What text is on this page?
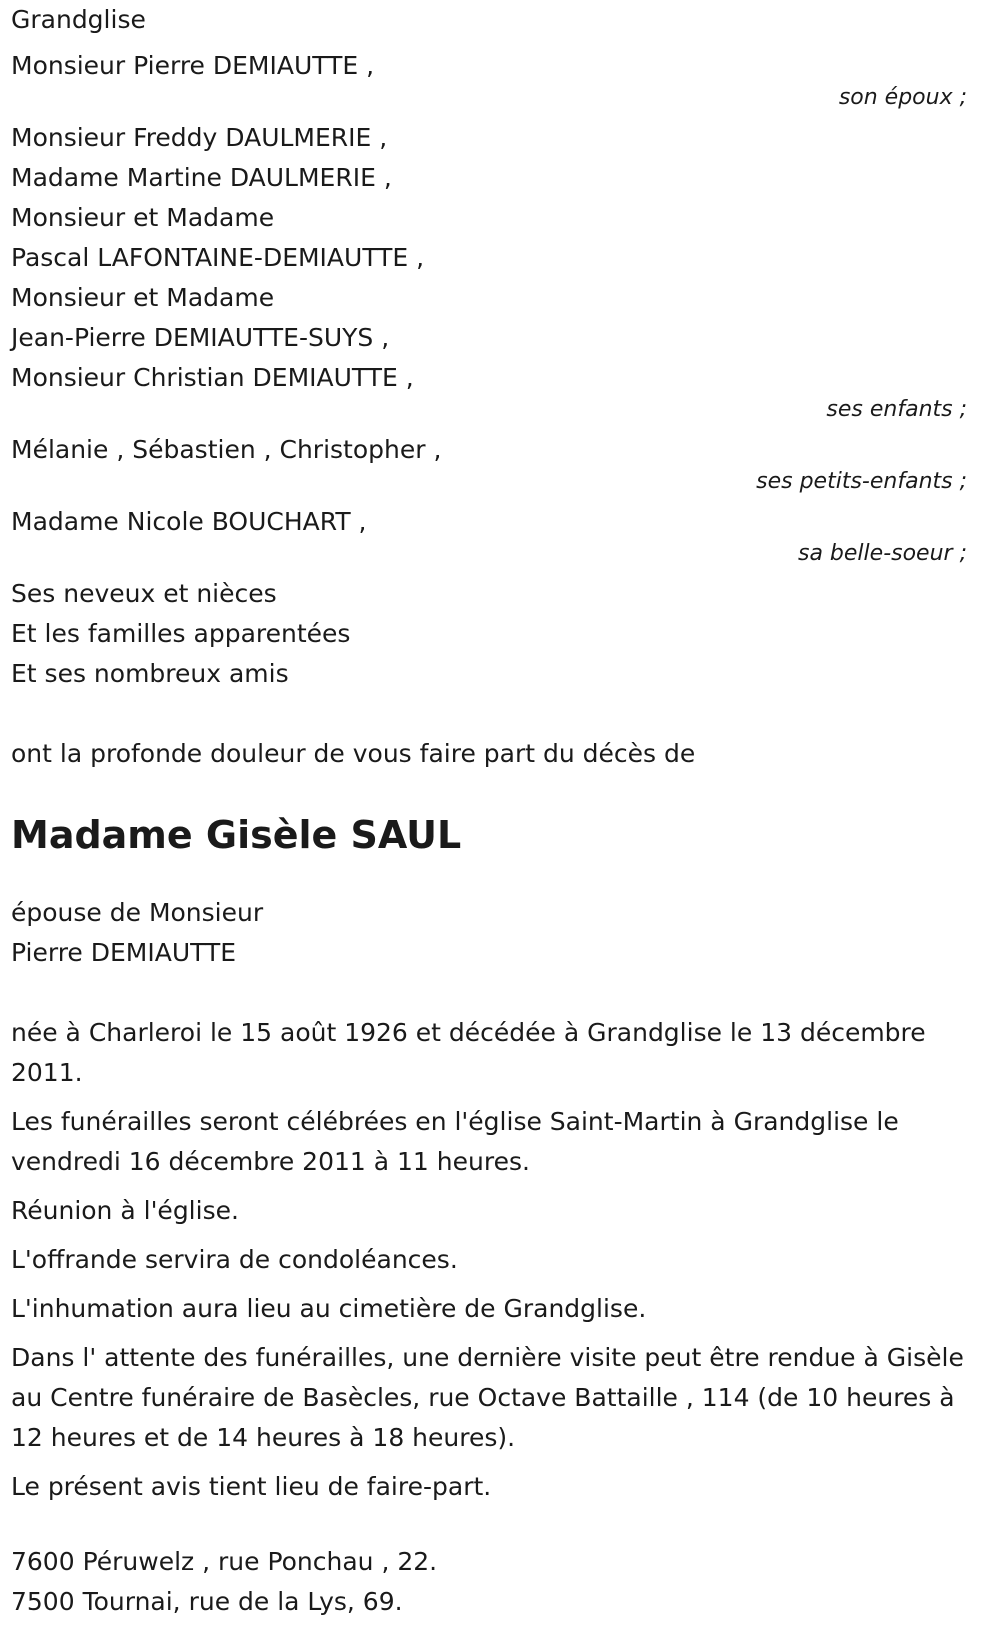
Grandglise
Monsieur Pierre DEMIAUTTE ,
son époux ;
Monsieur Freddy DAULMERIE ,
Madame Martine DAULMERIE ,
Monsieur et Madame
Pascal LAFONTAINE-DEMIAUTTE ,
Monsieur et Madame
Jean-Pierre DEMIAUTTE-SUYS ,
Monsieur Christian DEMIAUTTE ,
ses enfants ;
Mélanie , Sébastien , Christopher ,
ses petits-enfants ;
Madame Nicole BOUCHART ,
sa belle-soeur ;
Ses neveux et nièces
Et les familles apparentées
Et ses nombreux amis
ont la profonde douleur de vous faire part du décès de
Madame Gisèle SAUL
épouse de Monsieur
Pierre DEMIAUTTE
née à Charleroi le 15 août 1926 et décédée à Grandglise le 13 décembre 2011.
Les funérailles seront célébrées en l'église Saint-Martin à Grandglise le vendredi 16 décembre 2011 à 11 heures.
Réunion à l'église.
L'offrande servira de condoléances.
L'inhumation aura lieu au cimetière de Grandglise.
Dans l' attente des funérailles, une dernière visite peut être rendue à Gisèle au Centre funéraire de Basècles, rue Octave Battaille , 114 (de 10 heures à 12 heures et de 14 heures à 18 heures).
Le présent avis tient lieu de faire-part.
7600 Péruwelz , rue Ponchau , 22.
7500 Tournai, rue de la Lys, 69.
